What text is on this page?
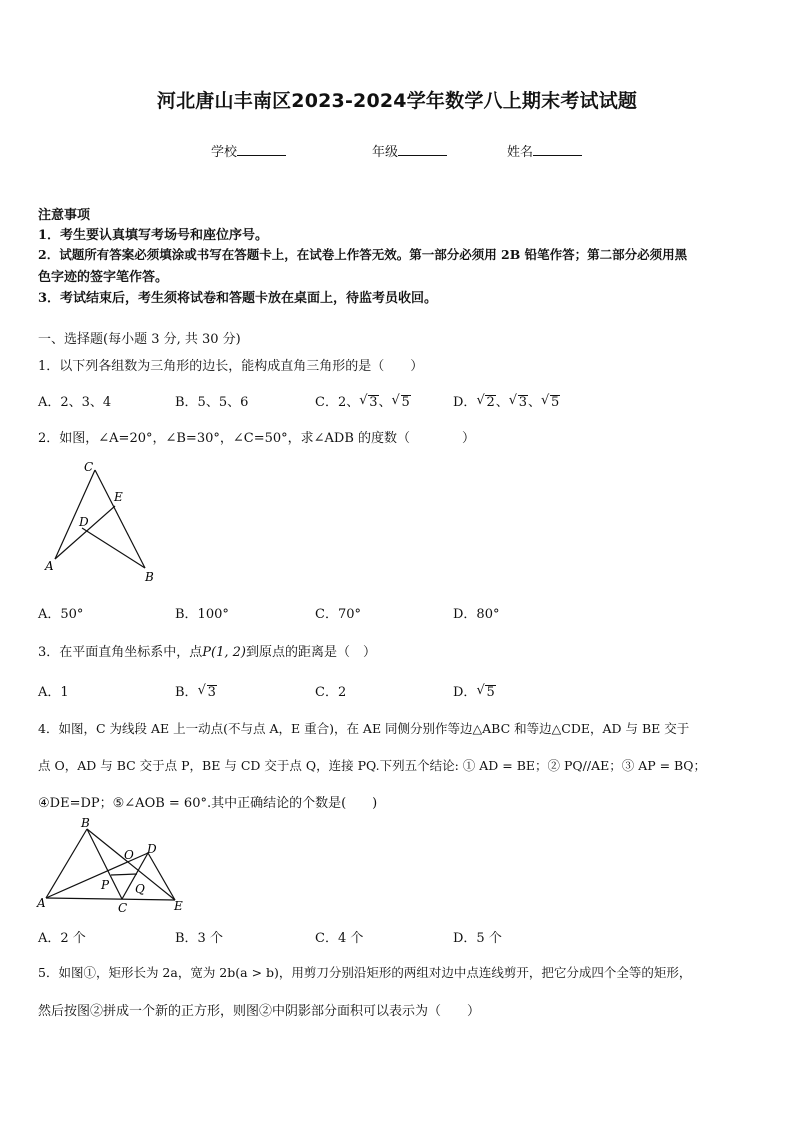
河北唐山丰南区2023-2024学年数学八上期末考试试题
学校	年级	姓名
注意事项
1．考生要认真填写考场号和座位序号。
2．试题所有答案必须填涂或书写在答题卡上，在试卷上作答无效。第一部分必须用 2B 铅笔作答；第二部分必须用黑
色字迹的签字笔作答。
3．考试结束后，考生须将试卷和答题卡放在桌面上，待监考员收回。
一、选择题(每小题 3 分, 共 30 分)
1．以下列各组数为三角形的边长，能构成直角三角形的是（　　）
A．2、3、4	B．5、5、6	C．2、 √ 3、 √ 5	D． √ 2、 √ 3、 √ 5
2．如图，∠A=20°，∠B=30°，∠C=50°，求∠ADB 的度数（　　　　）
C
E
D
A
B
A．50°	B．100°	C．70°	D．80°
3．在平面直角坐标系中，点P(1, 2)到原点的距离是（　）
A．1	B． √ 3	C．2	D． √ 5
4．如图，C 为线段 AE 上一动点(不与点 A，E 重合)，在 AE 同侧分别作等边△ABC 和等边△CDE，AD 与 BE 交于
点 O，AD 与 BC 交于点 P，BE 与 CD 交于点 Q，连接 PQ.下列五个结论: ① AD = BE；② PQ//AE；③ AP = BQ；
④DE=DP；⑤∠AOB = 60°.其中正确结论的个数是(　　)
B
O D
P Q
A	C	E
A．2 个	B．3 个	C．4 个	D．5 个
5．如图①，矩形长为 2a，宽为 2b(a > b)，用剪刀分别沿矩形的两组对边中点连线剪开，把它分成四个全等的矩形，
然后按图②拼成一个新的正方形，则图②中阴影部分面积可以表示为（　　）
